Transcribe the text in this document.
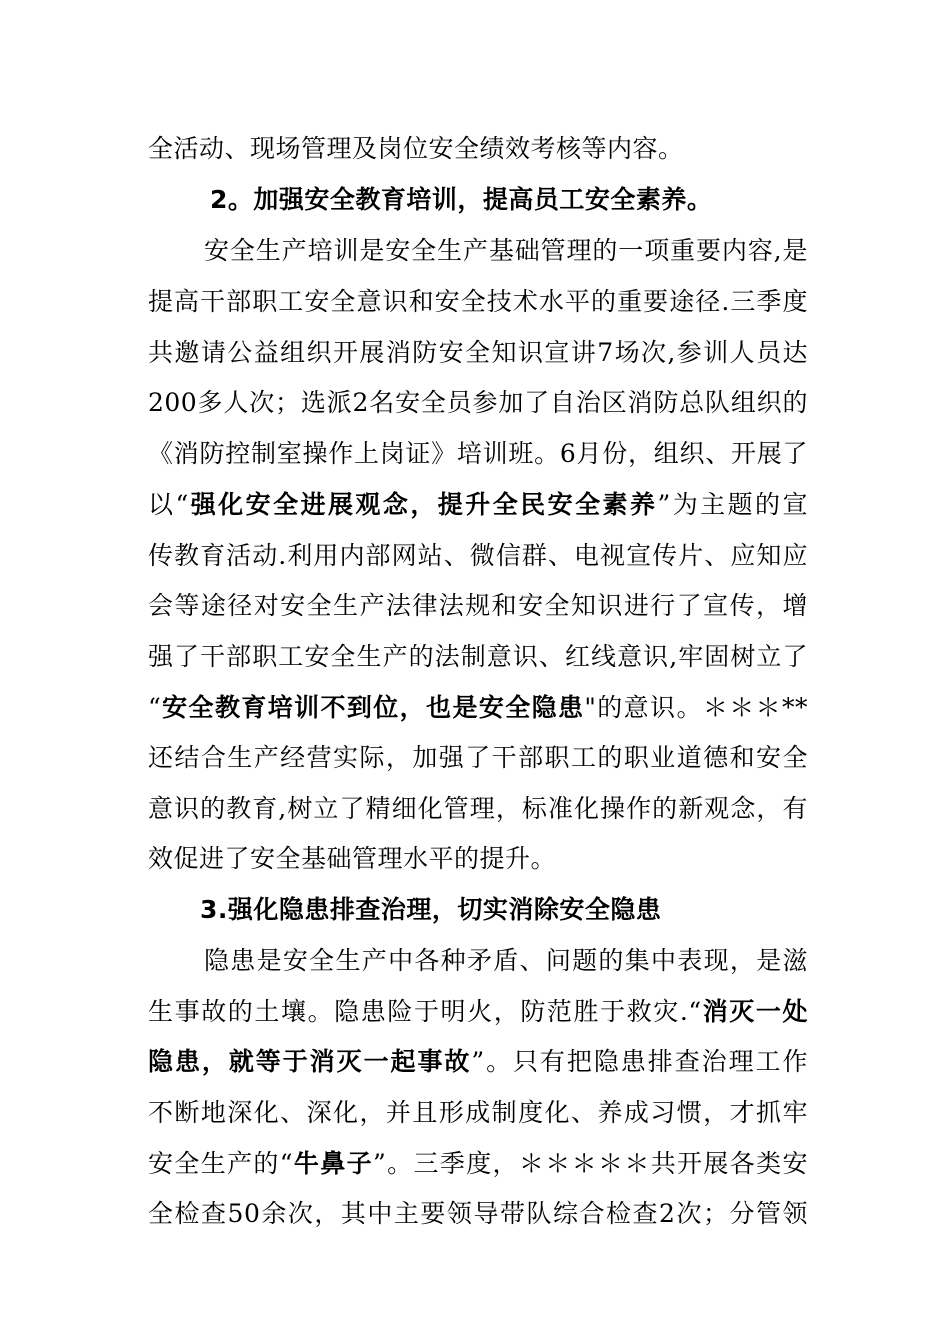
全活动、现场管理及岗位安全绩效考核等内容。
2。加强安全教育培训，提高员工安全素养。
安全生产培训是安全生产基础管理的一项重要内容,是
提高干部职工安全意识和安全技术水平的重要途径.三季度
共邀请公益组织开展消防安全知识宣讲7场次,参训人员达
200多人次；选派2名安全员参加了自治区消防总队组织的
《消防控制室操作上岗证》培训班。6月份，组织、开展了
以“强化安全进展观念，提升全民安全素养”为主题的宣
传教育活动.利用内部网站、微信群、电视宣传片、应知应
会等途径对安全生产法律法规和安全知识进行了宣传，增
强了干部职工安全生产的法制意识、红线意识,牢固树立了
“安全教育培训不到位，也是安全隐患"的意识。＊＊＊**
还结合生产经营实际，加强了干部职工的职业道德和安全
意识的教育,树立了精细化管理，标准化操作的新观念，有
效促进了安全基础管理水平的提升。
3.强化隐患排查治理，切实消除安全隐患
隐患是安全生产中各种矛盾、问题的集中表现，是滋
生事故的土壤。隐患险于明火，防范胜于救灾.“消灭一处
隐患，就等于消灭一起事故”。只有把隐患排查治理工作
不断地深化、深化，并且形成制度化、养成习惯，才抓牢
安全生产的“牛鼻子”。三季度，＊＊＊＊＊共开展各类安
全检查50余次，其中主要领导带队综合检查2次；分管领
